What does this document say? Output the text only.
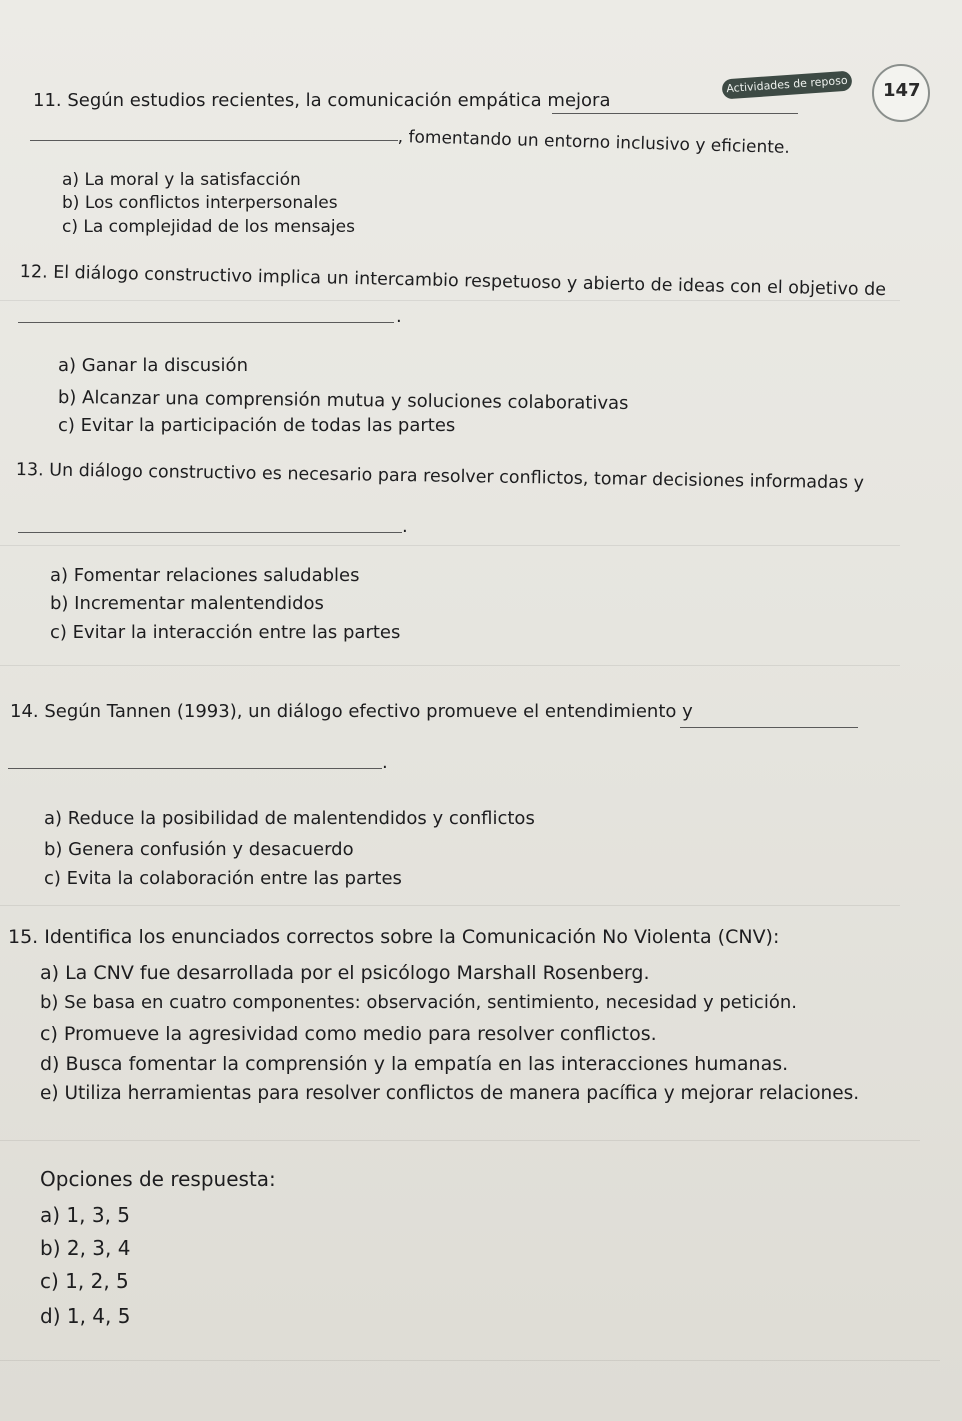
Actividades de reposo 147
11. Según estudios recientes, la comunicación empática mejora
, fomentando un entorno inclusivo y eficiente.
a) La moral y la satisfacción
b) Los conflictos interpersonales
c) La complejidad de los mensajes
12. El diálogo constructivo implica un intercambio respetuoso y abierto de ideas con el objetivo de
.
a) Ganar la discusión
b) Alcanzar una comprensión mutua y soluciones colaborativas
c) Evitar la participación de todas las partes
13. Un diálogo constructivo es necesario para resolver conflictos, tomar decisiones informadas y
.
a) Fomentar relaciones saludables
b) Incrementar malentendidos
c) Evitar la interacción entre las partes
14. Según Tannen (1993), un diálogo efectivo promueve el entendimiento y
.
a) Reduce la posibilidad de malentendidos y conflictos
b) Genera confusión y desacuerdo
c) Evita la colaboración entre las partes
15. Identifica los enunciados correctos sobre la Comunicación No Violenta (CNV):
a) La CNV fue desarrollada por el psicólogo Marshall Rosenberg.
b) Se basa en cuatro componentes: observación, sentimiento, necesidad y petición.
c) Promueve la agresividad como medio para resolver conflictos.
d) Busca fomentar la comprensión y la empatía en las interacciones humanas.
e) Utiliza herramientas para resolver conflictos de manera pacífica y mejorar relaciones.
Opciones de respuesta:
a) 1, 3, 5
b) 2, 3, 4
c) 1, 2, 5
d) 1, 4, 5
